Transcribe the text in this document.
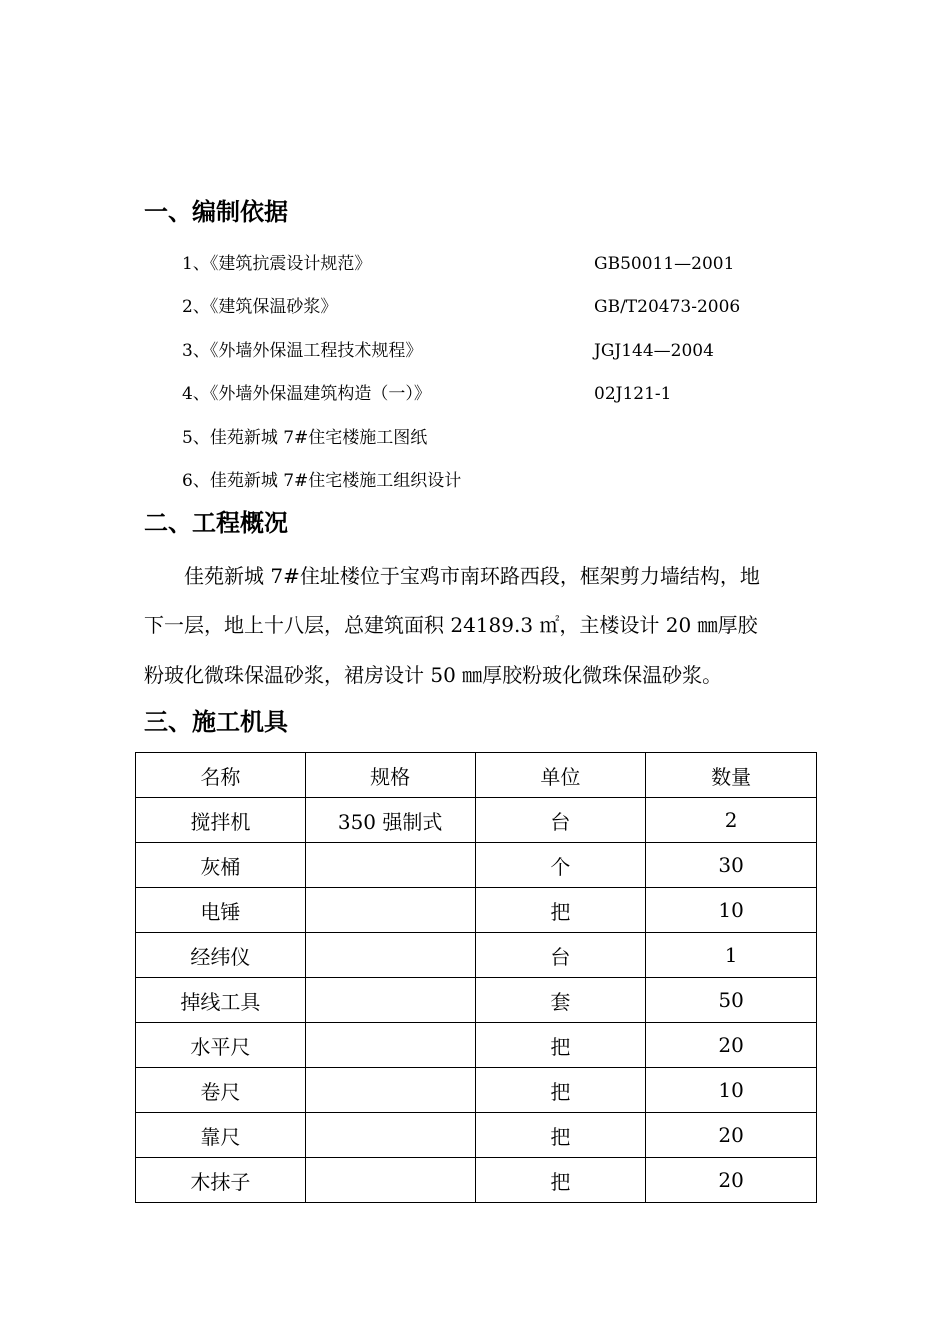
一、编制依据
1、《建筑抗震设计规范》	GB50011—2001
2、《建筑保温砂浆》	GB/T20473-2006
3、《外墙外保温工程技术规程》	JGJ144—2004
4、《外墙外保温建筑构造（一）》	02J121-1
5、佳苑新城 7#住宅楼施工图纸
6、佳苑新城 7#住宅楼施工组织设计
二、工程概况
佳苑新城 7#住址楼位于宝鸡市南环路西段，框架剪力墙结构，地
下一层，地上十八层，总建筑面积 24189.3 ㎡，主楼设计 20 ㎜厚胶
粉玻化微珠保温砂浆，裙房设计 50 ㎜厚胶粉玻化微珠保温砂浆。
三、施工机具
名称	规格	单位	数量
搅拌机	350 强制式	台	2
灰桶		个	30
电锤		把	10
经纬仪		台	1
掉线工具		套	50
水平尺		把	20
卷尺		把	10
靠尺		把	20
木抹子		把	20
